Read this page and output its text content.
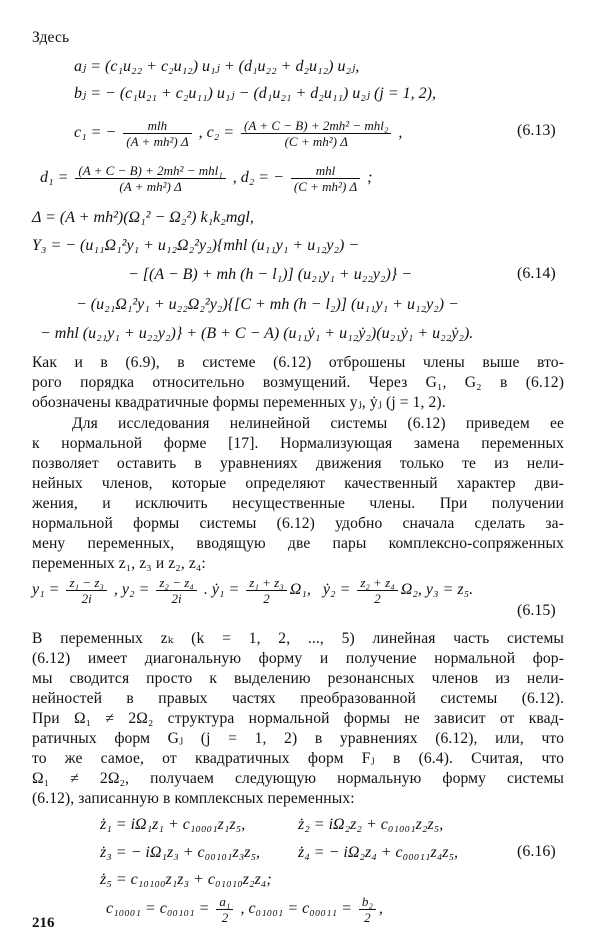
Здесь
aⱼ = (c₁u₂₂ + c₂u₁₂) u₁ⱼ + (d₁u₂₂ + d₂u₁₂) u₂ⱼ,
bⱼ = − (c₁u₂₁ + c₂u₁₁) u₁ⱼ − (d₁u₂₁ + d₂u₁₁) u₂ⱼ (j = 1, 2),
c₁ = − $\frac{\text{mlh}}{\text{(A + mh²) Δ}}$ , $c_2 = \frac{\text{(A + C − B) + 2mh² − mhl₂}}{\text{(C + mh²) Δ}}$ ,	(6.13)
$d_1 = \frac{\text{(A + C − B) + 2mh² − mhl₁}}{\text{(A + mh²) Δ}}$ , d₂ = − $\frac{\text{mhl}}{\text{(C + mh²) Δ}}$ ;
Δ = (A + mh²)(Ω₁² − Ω₂²) k₁k₂mgl,
Y₃ = − (u₁₁Ω₁²y₁ + u₁₂Ω₂²y₂){mhl (u₁₁y₁ + u₁₂y₂) −
− [(A − B) + mh (h − l₁)] (u₂₁y₁ + u₂₂y₂)} −	(6.14)
− (u₂₁Ω₁²y₁ + u₂₂Ω₂²y₂){[C + mh (h − l₂)] (u₁₁y₁ + u₁₂y₂) −
− mhl (u₂₁y₁ + u₂₂y₂)} + (B + C − A) (u₁₁ẏ₁ + u₁₂ẏ₂)(u₂₁ẏ₁ + u₂₂ẏ₂).
Как и в (6.9), в системе (6.12) отброшены члены выше вто-
рого порядка относительно возмущений. Через G₁, G₂ в (6.12)
обозначены квадратичные формы переменных yⱼ, ẏⱼ (j = 1, 2).
Для исследования нелинейной системы (6.12) приведем ее
к нормальной форме [17]. Нормализующая замена переменных
позволяет оставить в уравнениях движения только те из нели-
нейных членов, которые определяют качественный характер дви-
жения, и исключить несущественные члены. При получении
нормальной формы системы (6.12) удобно сначала сделать за-
мену переменных, вводящую две пары комплексно-сопряженных
переменных z₁, z₃ и z₂, z₄:
$y_1 = \frac{\text{z₁ − z₃}}{2i}$ , $y_2 = \frac{\text{z₂ − z₄}}{2i}$ . ẏ₁ = $\frac{\text{z₁ + z₃}}{2} \Omega_1$, ẏ₂ = $\frac{\text{z₂ + z₄}}{2} \Omega_2$, y₃ = z₅.
(6.15)
В переменных zₖ (k = 1, 2, ..., 5) линейная часть системы
(6.12) имеет диагональную форму и получение нормальной фор-
мы сводится просто к выделению резонансных членов из нели-
нейностей в правых частях преобразованной системы (6.12).
При Ω₁ ≠ 2Ω₂ структура нормальной формы не зависит от квад-
ратичных форм Gⱼ (j = 1, 2) в уравнениях (6.12), или, что
то же самое, от квадратичных форм Fⱼ в (6.4). Считая, что
Ω₁ ≠ 2Ω₂, получаем следующую нормальную форму системы
(6.12), записанную в комплексных переменных:
ż₁ = iΩ₁z₁ + c₁₀₀₀₁z₁z₅,	ż₂ = iΩ₂z₂ + c₀₁₀₀₁z₂z₅,
ż₃ = − iΩ₁z₃ + c₀₀₁₀₁z₃z₅, ż₄ = − iΩ₂z₄ + c₀₀₀₁₁z₄z₅,	(6.16)
ż₅ = c₁₀₁₀₀z₁z₃ + c₀₁₀₁₀z₂z₄;
$c_{10001} = c_{00101} = \frac{\text{a₁}}{2}$ , $c_{01001} = c_{00011} = \frac{\text{b₂}}{2}$ ,
216
